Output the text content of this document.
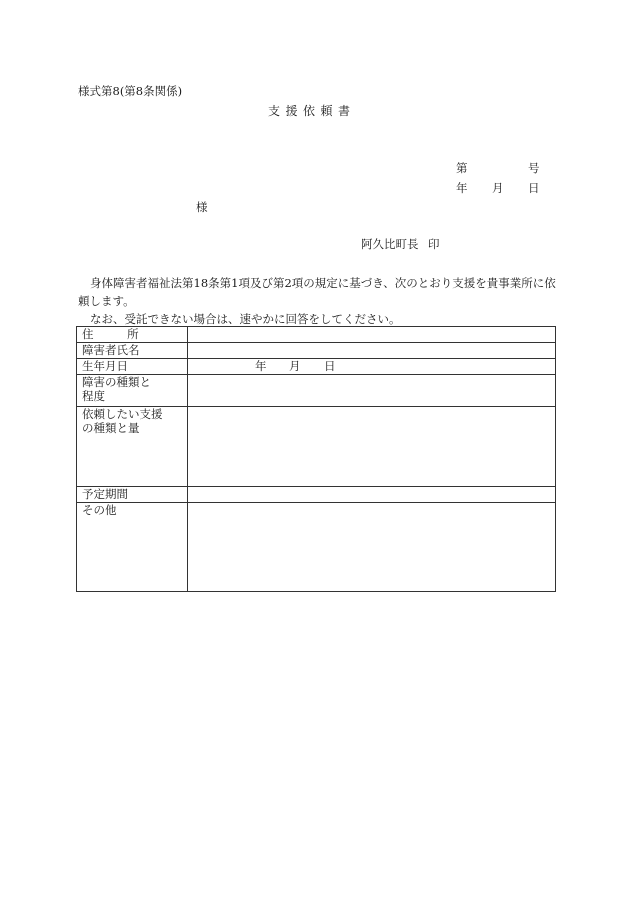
様式第8(第8条関係)
支援依頼書
第	号
年 月 日
様
阿久比町長 印
身体障害者福祉法第18条第1項及び第2項の規定に基づき、次のとおり支援を貴事業所に依頼します。
なお、受託できない場合は、速やかに回答をしてください。
住 所	
障害者氏名	
生年月日	年 月 日

障害の種類と
程度	

依頼したい支援
の種類と量	

予定期間	
その他	
